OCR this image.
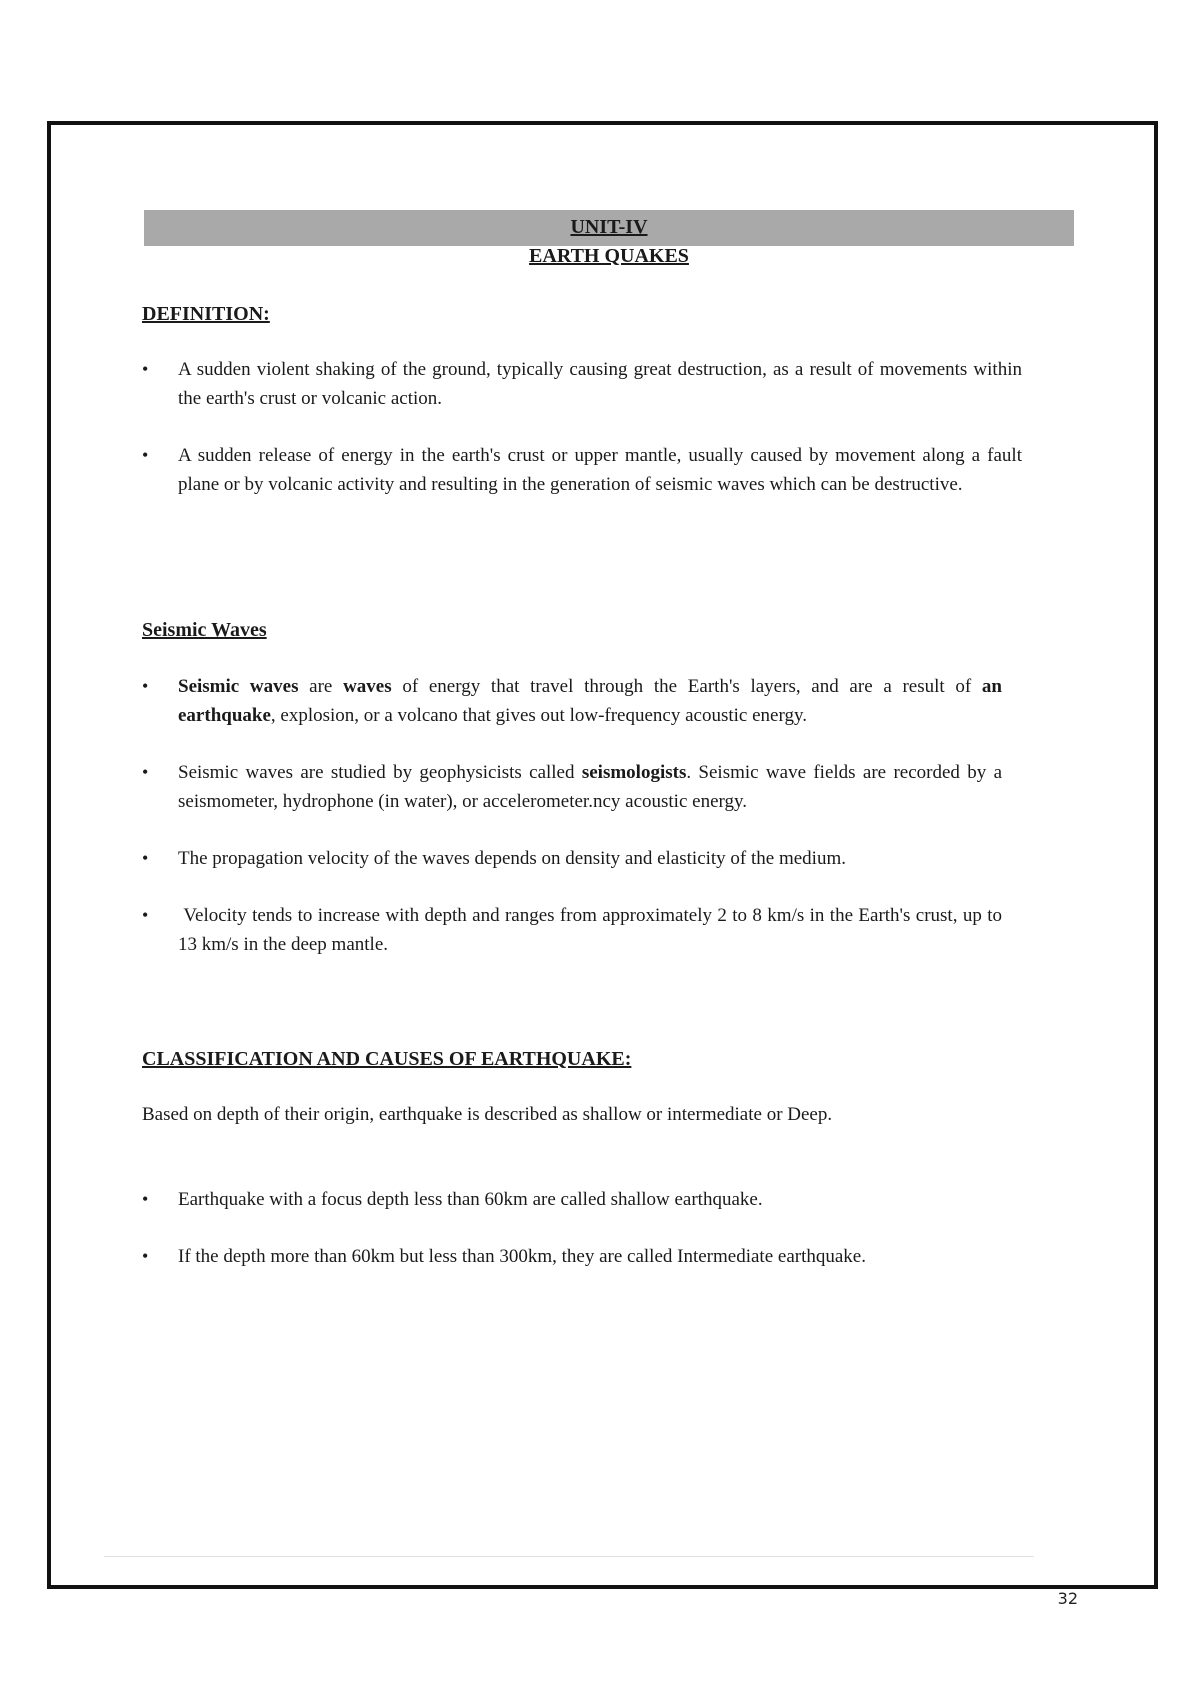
UNIT-IV
EARTH QUAKES
DEFINITION:
• A sudden violent shaking of the ground, typically causing great destruction, as a result of movements within the earth's crust or volcanic action.
• A sudden release of energy in the earth's crust or upper mantle, usually caused by movement along a fault plane or by volcanic activity and resulting in the generation of seismic waves which can be destructive.
Seismic Waves
• Seismic waves are waves of energy that travel through the Earth's layers, and are a result of an earthquake, explosion, or a volcano that gives out low-frequency acoustic energy.
• Seismic waves are studied by geophysicists called seismologists. Seismic wave fields are recorded by a seismometer, hydrophone (in water), or accelerometer.ncy acoustic energy.
• The propagation velocity of the waves depends on density and elasticity of the medium.
•  Velocity tends to increase with depth and ranges from approximately 2 to 8 km/s in the Earth's crust, up to 13 km/s in the deep mantle.
CLASSIFICATION AND CAUSES OF EARTHQUAKE:
Based on depth of their origin, earthquake is described as shallow or intermediate or Deep.
• Earthquake with a focus depth less than 60km are called shallow earthquake.
• If the depth more than 60km but less than 300km, they are called Intermediate earthquake.
32
